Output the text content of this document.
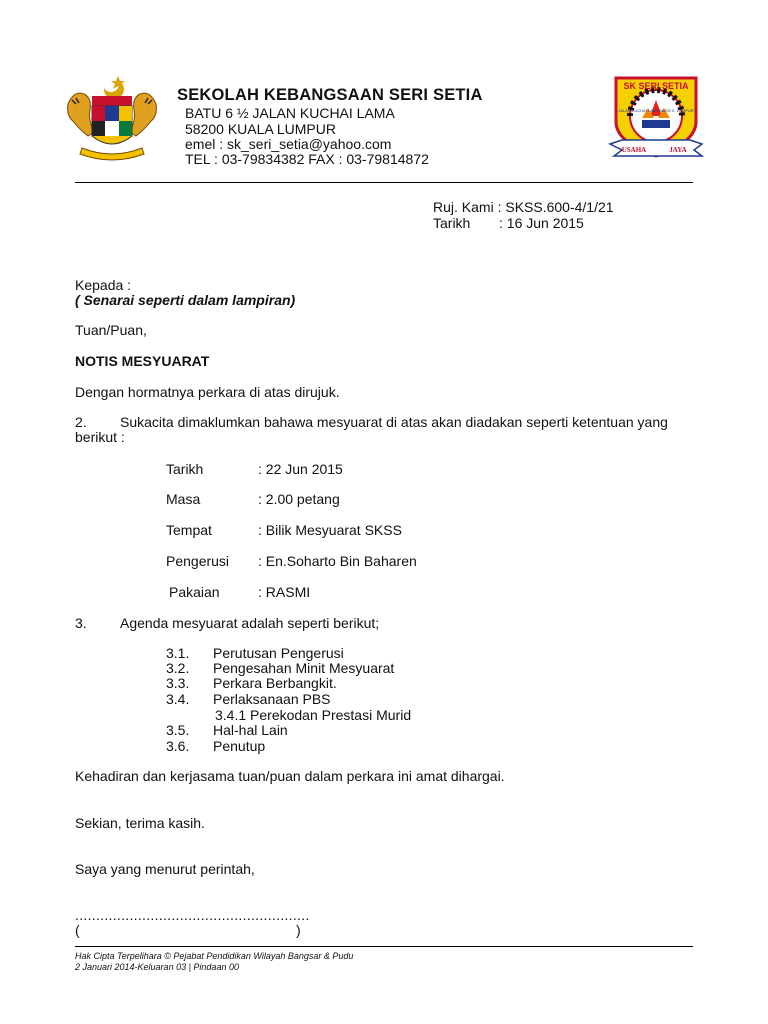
SEKOLAH KEBANGSAAN SERI SETIA
BATU 6 ½ JALAN KUCHAI LAMA
58200 KUALA LUMPUR
emel : sk_seri_setia@yahoo.com
TEL : 03-79834382 FAX : 03-79814872
SK SERI SETIA
JALAN KUCHAI LAMA 58200 K. LUMPUR
USAHA	JAYA
Ruj. Kami : SKSS.600-4/1/21
Tarikh : 16 Jun 2015
Kepada :
( Senarai seperti dalam lampiran)
Tuan/Puan,
NOTIS MESYUARAT
Dengan hormatnya perkara di atas dirujuk.
2. Sukacita dimaklumkan bahawa mesyuarat di atas akan diadakan seperti ketentuan yang
berikut :
Tarikh	: 22 Jun 2015
Masa	: 2.00 petang
Tempat	: Bilik Mesyuarat SKSS
Pengerusi : En.Soharto Bin Baharen
Pakaian	: RASMI
3. Agenda mesyuarat adalah seperti berikut;
3.1. Perutusan Pengerusi
3.2. Pengesahan Minit Mesyuarat
3.3. Perkara Berbangkit.
3.4. Perlaksanaan PBS
3.4.1 Perekodan Prestasi Murid
3.5. Hal-hal Lain
3.6. Penutup
Kehadiran dan kerjasama tuan/puan dalam perkara ini amat dihargai.
Sekian, terima kasih.
Saya yang menurut perintah,
........................................................
(	)
Hak Cipta Terpelihara © Pejabat Pendidikan Wilayah Bangsar & Pudu
2 Januari 2014-Keluaran 03 | Pindaan 00
